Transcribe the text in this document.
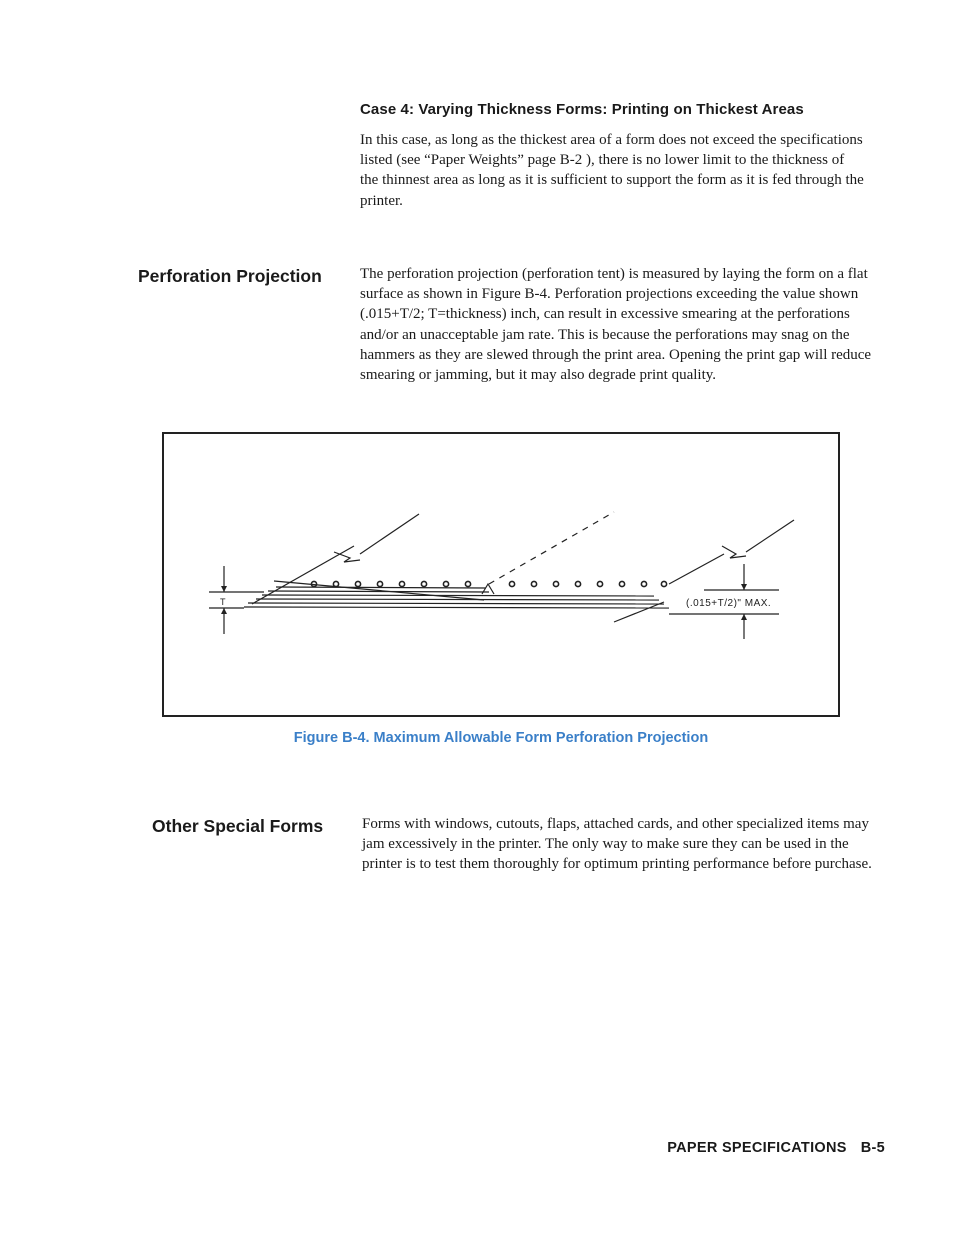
Case 4: Varying Thickness Forms: Printing on Thickest Areas

In this case, as long as the thickest area of a form does not exceed the specifications listed (see “Paper Weights” page B-2 ), there is no lower limit to the thickness of the thinnest area as long as it is sufficient to support the form as it is fed through the printer.

Perforation Projection	The perforation projection (perforation tent) is measured by laying the form on a flat surface as shown in Figure B-4. Perforation projections exceeding the value shown (.015+T/2; T=thickness) inch, can result in excessive smearing at the perforations and/or an unacceptable jam rate. This is because the perforations may snag on the hammers as they are slewed through the print area. Opening the print gap will reduce smearing or jamming, but it may also degrade print quality.

T	(.015+T/2)" MAX.
Figure B-4. Maximum Allowable Form Perforation Projection
Other Special Forms	Forms with windows, cutouts, flaps, attached cards, and other specialized items may jam excessively in the printer. The only way to make sure they can be used in the printer is to test them thoroughly for optimum printing performance before purchase.

PAPER SPECIFICATIONS B-5
